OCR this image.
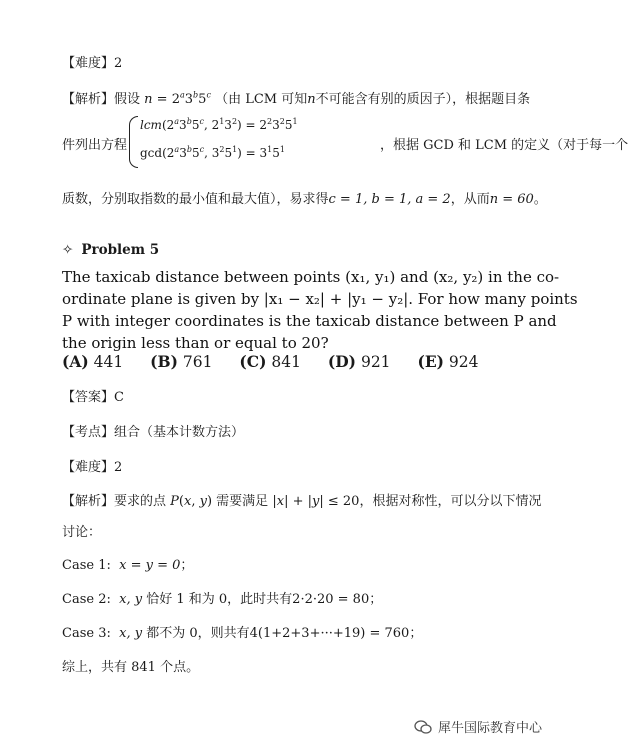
【难度】2
【解析】假设 $n = 2^a3^b5^c$ （由 LCM 可知n不可能含有别的质因子），根据题目条
件列出方程
lcm(2$^a$3$^b$5$^c$, $2^13^2) = 2^23^25^1$
gcd(2$^a$3$^b$5$^c$, $3^25^1) = 3^15^1$	，根据 GCD 和 LCM 的定义（对于每一个
质数，分别取指数的最小值和最大值），易求得c = 1, b = 1, a = 2，从而n = 60。
✧ Problem 5
The taxicab distance between points (x₁, y₁) and (x₂, y₂) in the co-
ordinate plane is given by |x₁ − x₂| + |y₁ − y₂|. For how many points
P with integer coordinates is the taxicab distance between P and
the origin less than or equal to 20?
(A) 441 (B) 761 (C) 841 (D) 921 (E) 924
【答案】C
【考点】组合（基本计数方法）
【难度】2
【解析】要求的点 P(x, y) 需要满足 |x| + |y| ≤ 20，根据对称性，可以分以下情况
讨论：
Case 1: x = y = 0；
Case 2: x, y 恰好 1 和为 0，此时共有2·2·20 = 80；
Case 3: x, y 都不为 0，则共有4(1+2+3+···+19) = 760；
综上，共有 841 个点。
犀牛国际教育中心
